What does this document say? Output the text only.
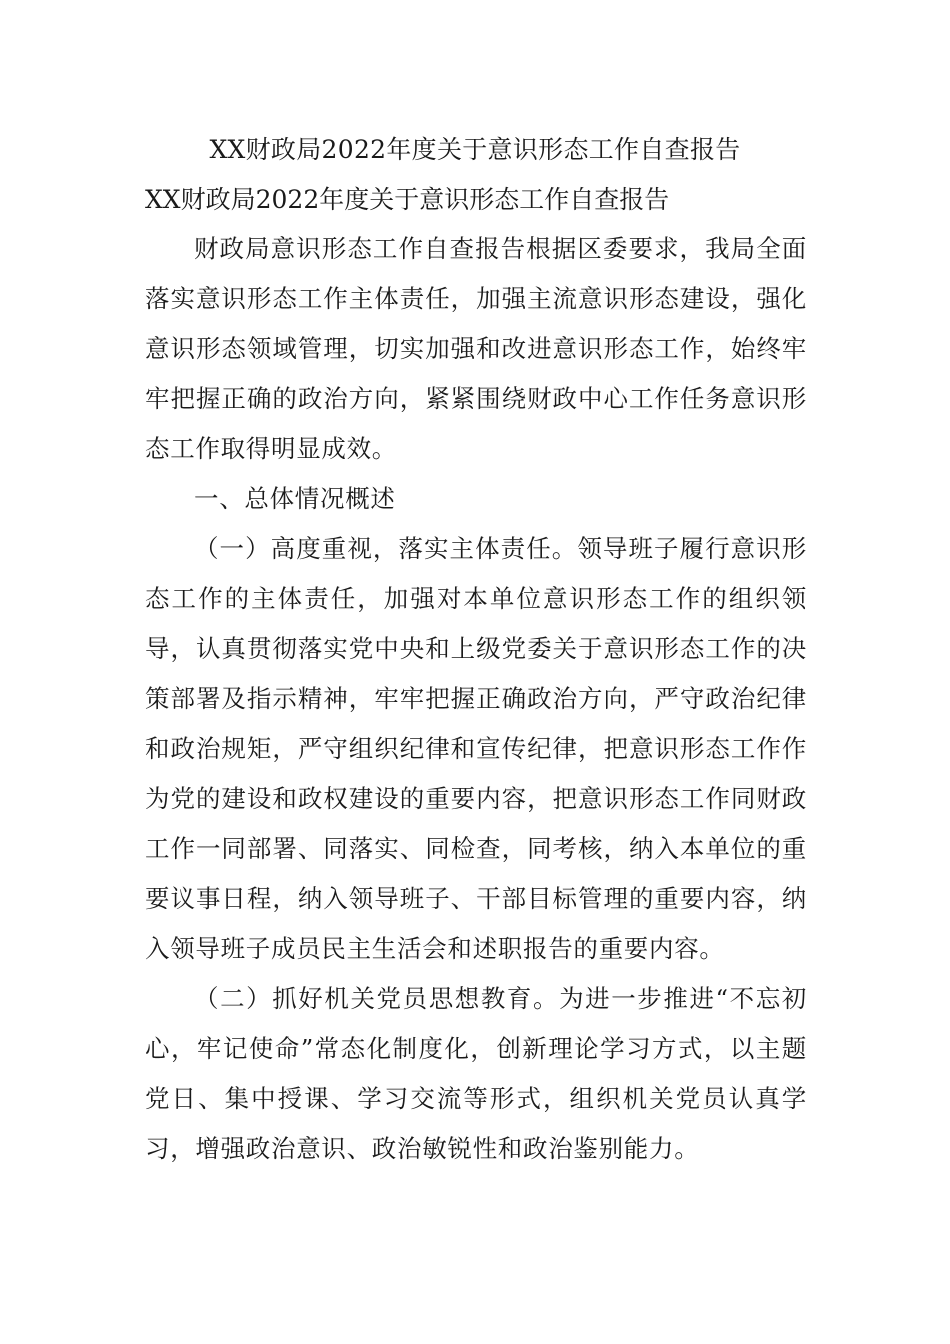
XX财政局2022年度关于意识形态工作自查报告
XX财政局2022年度关于意识形态工作自查报告

财政局意识形态工作自查报告根据区委要求，我局全面落实意识形态工作主体责任，加强主流意识形态建设，强化意识形态领域管理，切实加强和改进意识形态工作，始终牢牢把握正确的政治方向，紧紧围绕财政中心工作任务意识形态工作取得明显成效。

一、总体情况概述

（一）高度重视，落实主体责任。领导班子履行意识形态工作的主体责任，加强对本单位意识形态工作的组织领导，认真贯彻落实党中央和上级党委关于意识形态工作的决策部署及指示精神，牢牢把握正确政治方向，严守政治纪律和政治规矩，严守组织纪律和宣传纪律，把意识形态工作作为党的建设和政权建设的重要内容，把意识形态工作同财政工作一同部署、同落实、同检查，同考核，纳入本单位的重要议事日程，纳入领导班子、干部目标管理的重要内容，纳入领导班子成员民主生活会和述职报告的重要内容。

（二）抓好机关党员思想教育。为进一步推进“不忘初心，牢记使命”常态化制度化，创新理论学习方式，以主题党日、集中授课、学习交流等形式，组织机关党员认真学习，增强政治意识、政治敏锐性和政治鉴别能力。
